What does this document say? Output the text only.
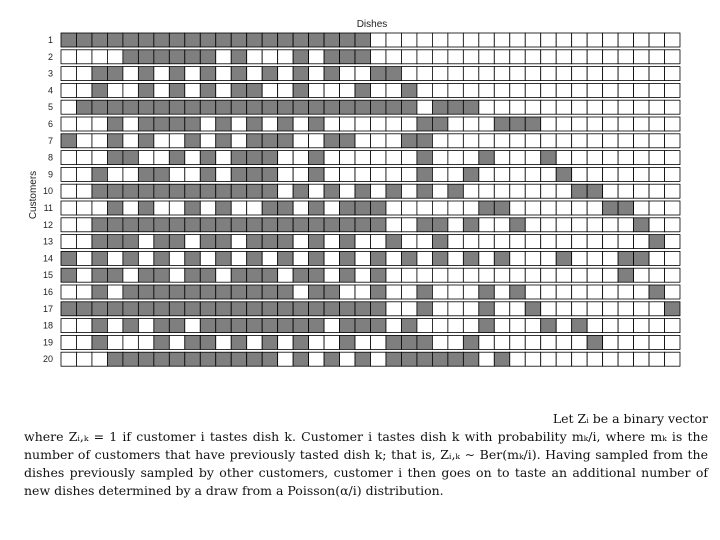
Dishes
Customers
1
2
3
4
5
6
7
8
9
10
11
12
13
14
15
16
17
18
19
20
Let Zᵢ be a binary vector
where Zᵢ,ₖ = 1 if customer i tastes dish k. Customer i tastes dish k with probability mₖ/i, where mₖ is the number of customers that have previously tasted dish k; that is, Zᵢ,ₖ ∼ Ber(mₖ/i). Having sampled from the dishes previously sampled by other customers, customer i then goes on to taste an additional number of new dishes determined by a draw from a Poisson(α/i) distribution.
